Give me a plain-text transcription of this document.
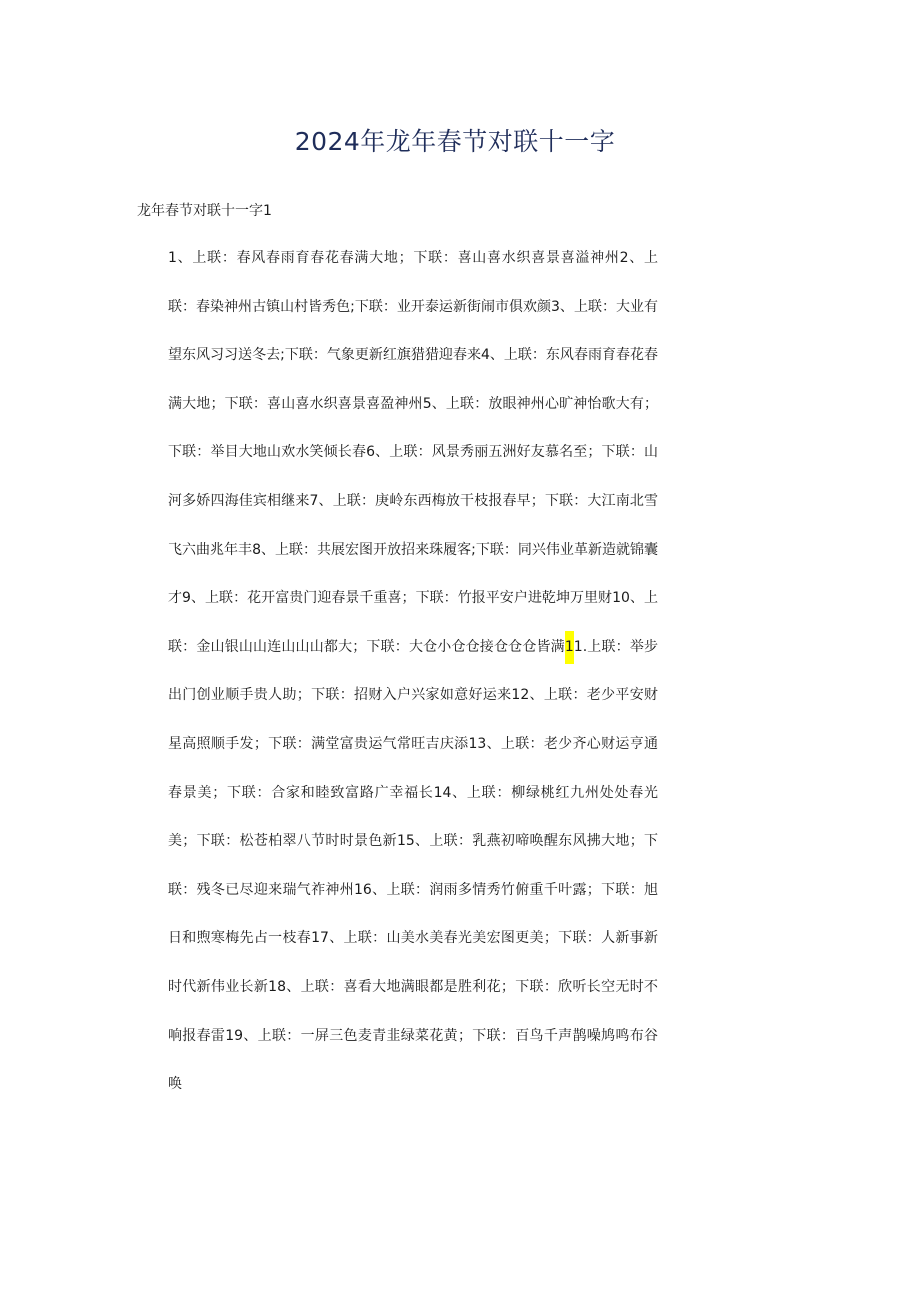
2024年龙年春节对联十一字
龙年春节对联十一字1
1、上联：春风春雨育春花春满大地；下联：喜山喜水织喜景喜溢神州2、上联：春染神州古镇山村皆秀色;下联：业开泰运新街闹市俱欢颜3、上联：大业有望东风习习送冬去;下联：气象更新红旗猎猎迎春来4、上联：东风春雨育春花春满大地；下联：喜山喜水织喜景喜盈神州5、上联：放眼神州心旷神怡歌大有；下联：举目大地山欢水笑倾长春6、上联：风景秀丽五洲好友慕名至；下联：山河多娇四海佳宾相继来7、上联：庚岭东西梅放干枝报春早；下联：大江南北雪飞六曲兆年丰8、上联：共展宏图开放招来珠履客;下联：同兴伟业革新造就锦囊才9、上联：花开富贵门迎春景千重喜；下联：竹报平安户进乾坤万里财10、上联：金山银山山连山山山都大；下联：大仓小仓仓接仓仓仓皆满11.上联：举步出门创业顺手贵人助；下联：招财入户兴家如意好运来12、上联：老少平安财星高照顺手发；下联：满堂富贵运气常旺吉庆添13、上联：老少齐心财运亨通春景美；下联：合家和睦致富路广幸福长14、上联：柳绿桃红九州处处春光美；下联：松苍柏翠八节时时景色新15、上联：乳燕初啼唤醒东风拂大地；下联：残冬已尽迎来瑞气祚神州16、上联：润雨多情秀竹俯重千叶露；下联：旭日和煦寒梅先占一枝春17、上联：山美水美春光美宏图更美；下联：人新事新时代新伟业长新18、上联：喜看大地满眼都是胜利花；下联：欣听长空无时不响报春雷19、上联：一屏三色麦青韭绿菜花黄；下联：百鸟千声鹊噪鸠鸣布谷唤
